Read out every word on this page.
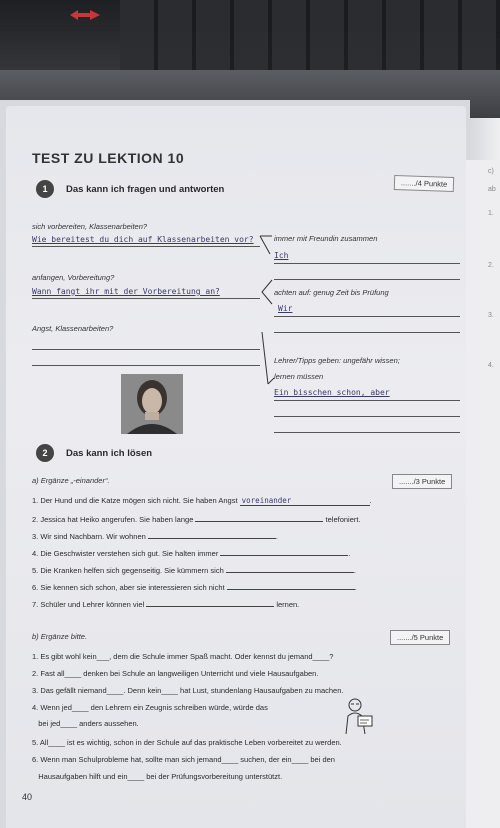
c)
ab
1.
2.
3.
4.
TEST ZU LEKTION 10
1	Das kann ich fragen und antworten
......./4 Punkte
sich vorbereiten, Klassenarbeiten?
Wie bereitest du dich auf Klassenarbeiten vor?
anfangen, Vorbereitung?
Wann fangt ihr mit der Vorbereitung an?
Angst, Klassenarbeiten?
immer mit Freundin zusammen
Ich
achten auf: genug Zeit bis Prüfung
Wir
Lehrer/Tipps geben: ungefähr wissen;
lernen müssen
Ein bisschen schon, aber
2	Das kann ich lösen
a) Ergänze „-einander“.	......./3 Punkte
1. Der Hund und die Katze mögen sich nicht. Sie haben Angst voreinander	.
2. Jessica hat Heiko angerufen. Sie haben lange	telefoniert.
3. Wir sind Nachbarn. Wir wohnen	.
4. Die Geschwister verstehen sich gut. Sie halten immer	.
5. Die Kranken helfen sich gegenseitig. Sie kümmern sich	.
6. Sie kennen sich schon, aber sie interessieren sich nicht	.
7. Schüler und Lehrer können viel	lernen.
b) Ergänze bitte.	......./5 Punkte
1. Es gibt wohl kein___, dem die Schule immer Spaß macht. Oder kennst du jemand____?
2. Fast all____ denken bei Schule an langweiligen Unterricht und viele Hausaufgaben.
3. Das gefällt niemand____. Denn kein____ hat Lust, stundenlang Hausaufgaben zu machen.
4. Wenn jed____ den Lehrern ein Zeugnis schreiben würde, würde das
bei jed____ anders aussehen.
5. All____ ist es wichtig, schon in der Schule auf das praktische Leben vorbereitet zu werden.
6. Wenn man Schulprobleme hat, sollte man sich jemand____ suchen, der ein____ bei den
Hausaufgaben hilft und ein____ bei der Prüfungsvorbereitung unterstützt.
40
